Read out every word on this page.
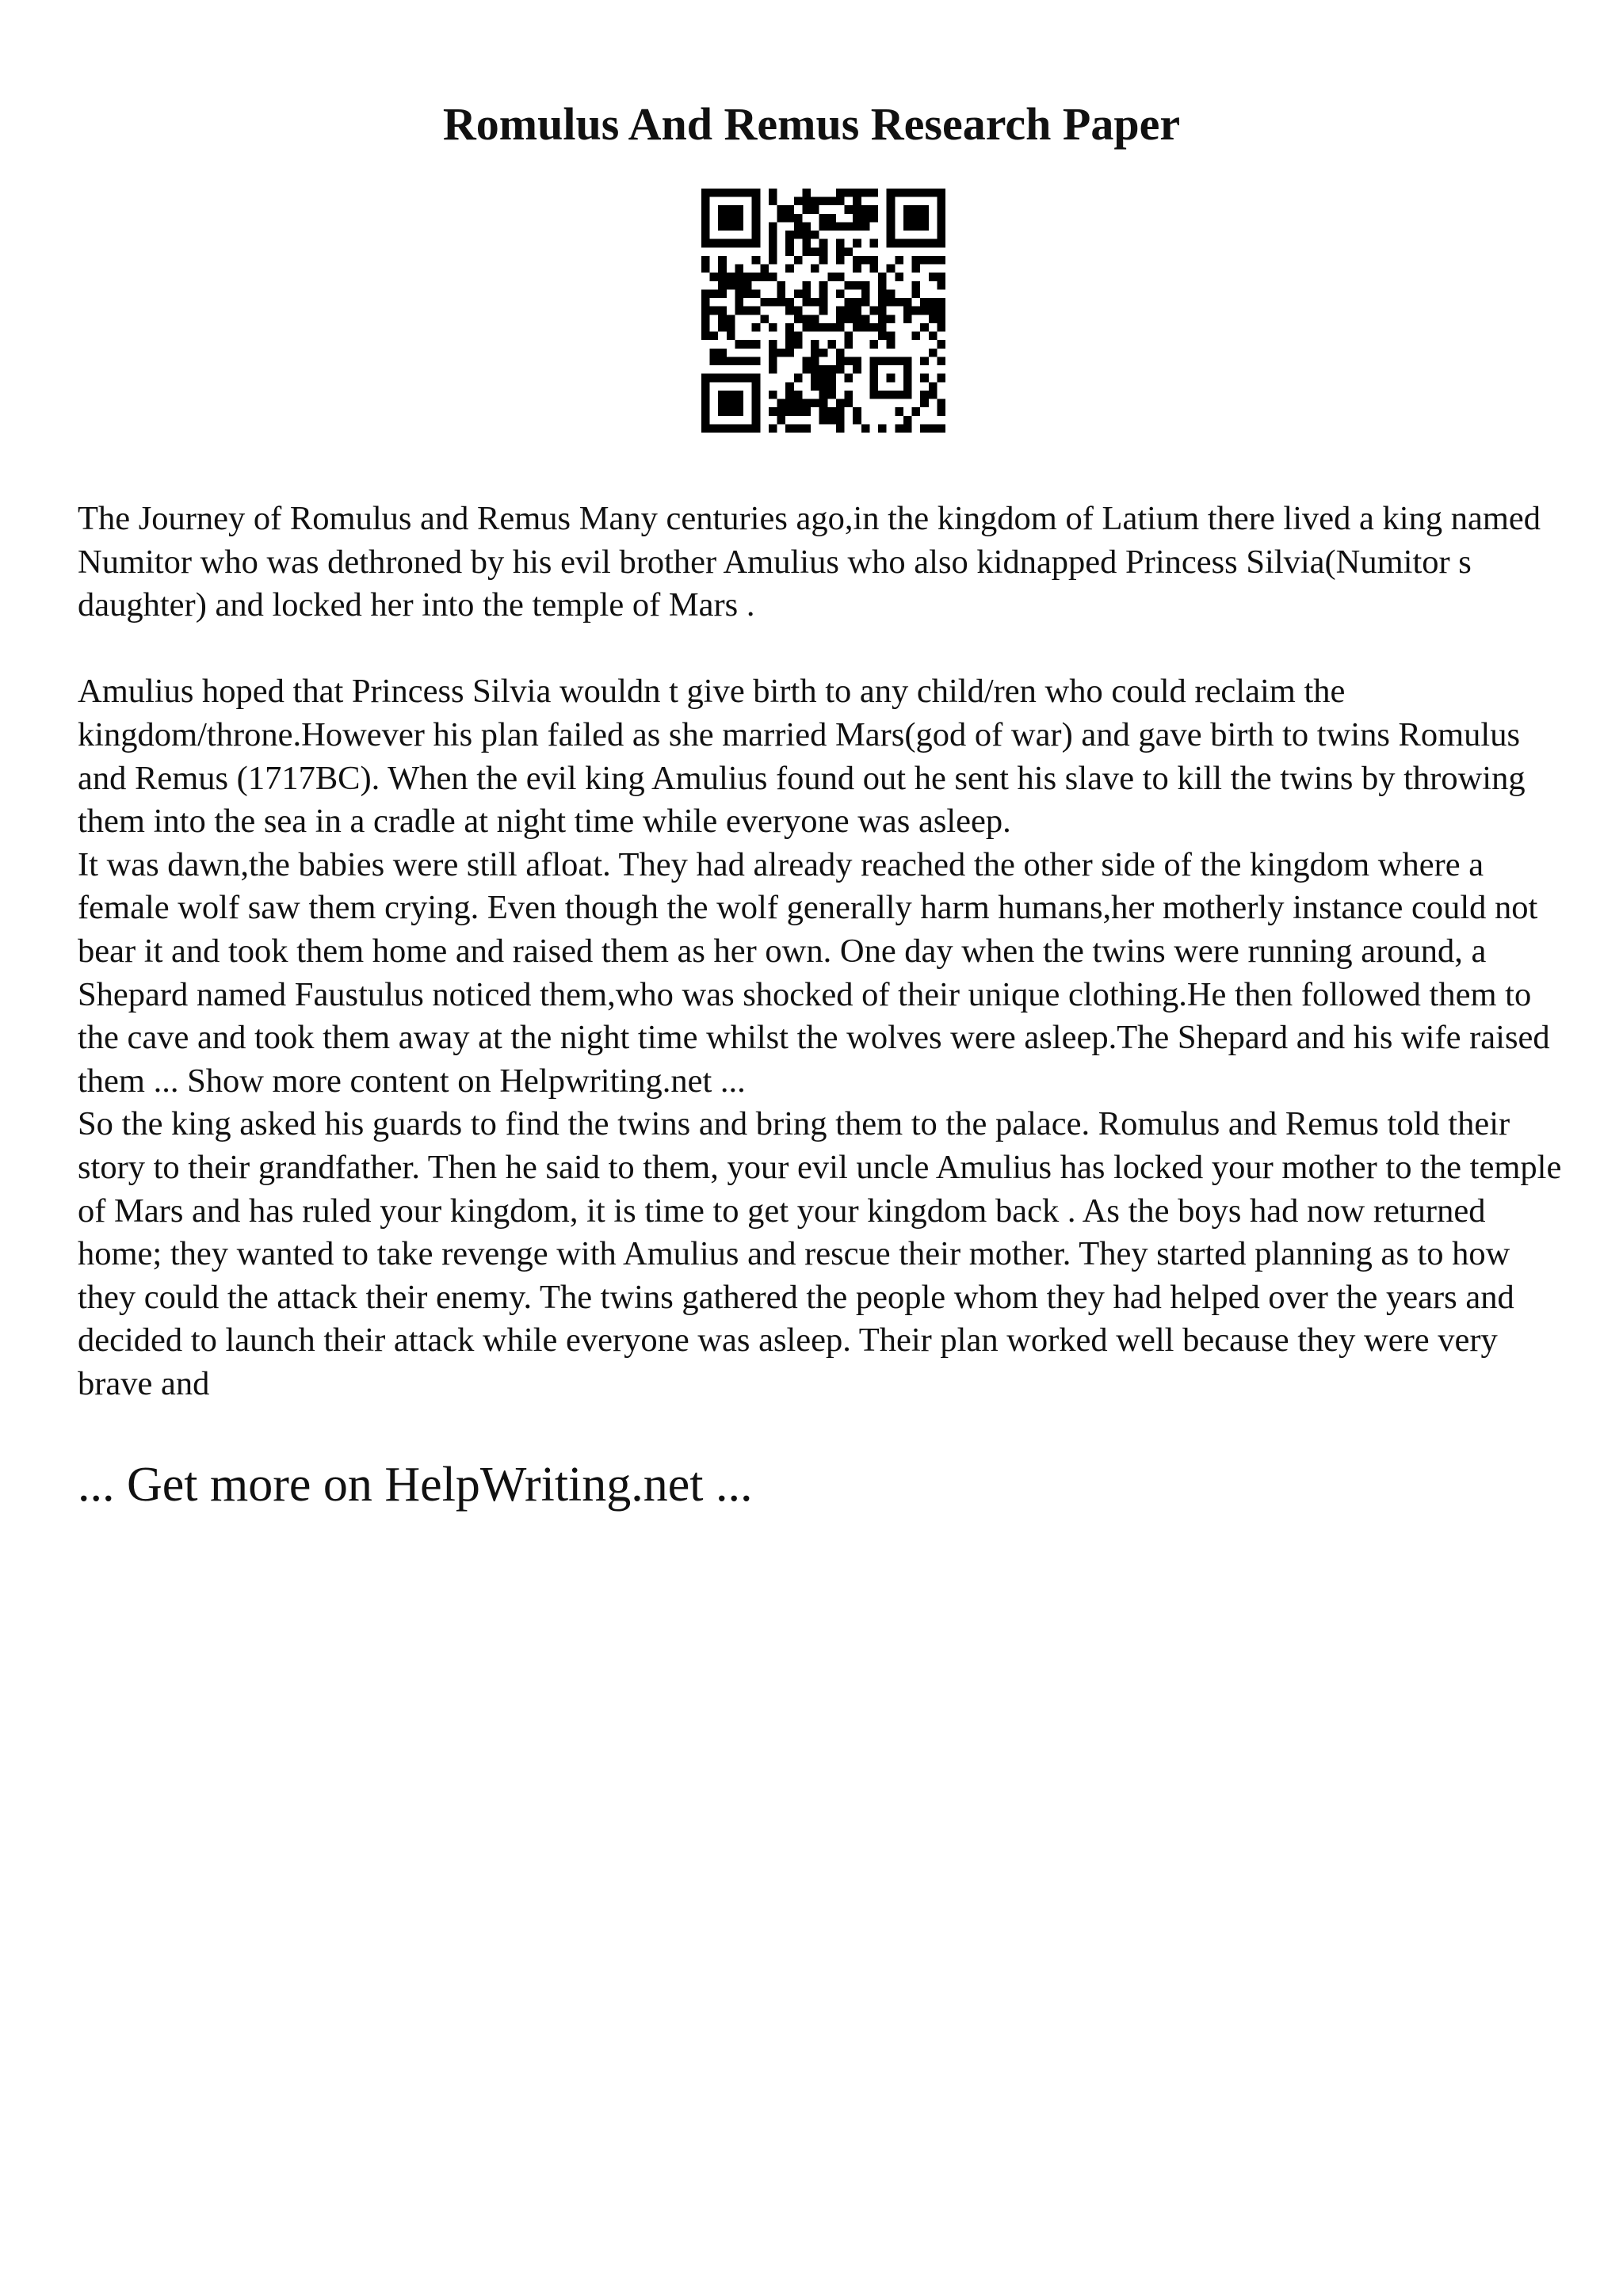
Romulus And Remus Research Paper

The Journey of Romulus and Remus Many centuries ago,in the kingdom of Latium there lived a king named Numitor who was dethroned by his evil brother Amulius who also kidnapped Princess Silvia(Numitor s daughter) and locked her into the temple of Mars .

Amulius hoped that Princess Silvia wouldn t give birth to any child/ren who could reclaim the kingdom/throne.However his plan failed as she married Mars(god of war) and gave birth to twins Romulus and Remus (1717BC). When the evil king Amulius found out he sent his slave to kill the twins by throwing them into the sea in a cradle at night time while everyone was asleep.

It was dawn,the babies were still afloat. They had already reached the other side of the kingdom where a female wolf saw them crying. Even though the wolf generally harm humans,her motherly instance could not bear it and took them home and raised them as her own. One day when the twins were running around, a Shepard named Faustulus noticed them,who was shocked of their unique clothing.He then followed them to the cave and took them away at the night time whilst the wolves were asleep.The Shepard and his wife raised them ... Show more content on Helpwriting.net ...

So the king asked his guards to find the twins and bring them to the palace. Romulus and Remus told their story to their grandfather. Then he said to them, your evil uncle Amulius has locked your mother to the temple of Mars and has ruled your kingdom, it is time to get your kingdom back . As the boys had now returned home; they wanted to take revenge with Amulius and rescue their mother. They started planning as to how they could the attack their enemy. The twins gathered the people whom they had helped over the years and decided to launch their attack while everyone was asleep. Their plan worked well because they were very brave and

... Get more on HelpWriting.net ...
